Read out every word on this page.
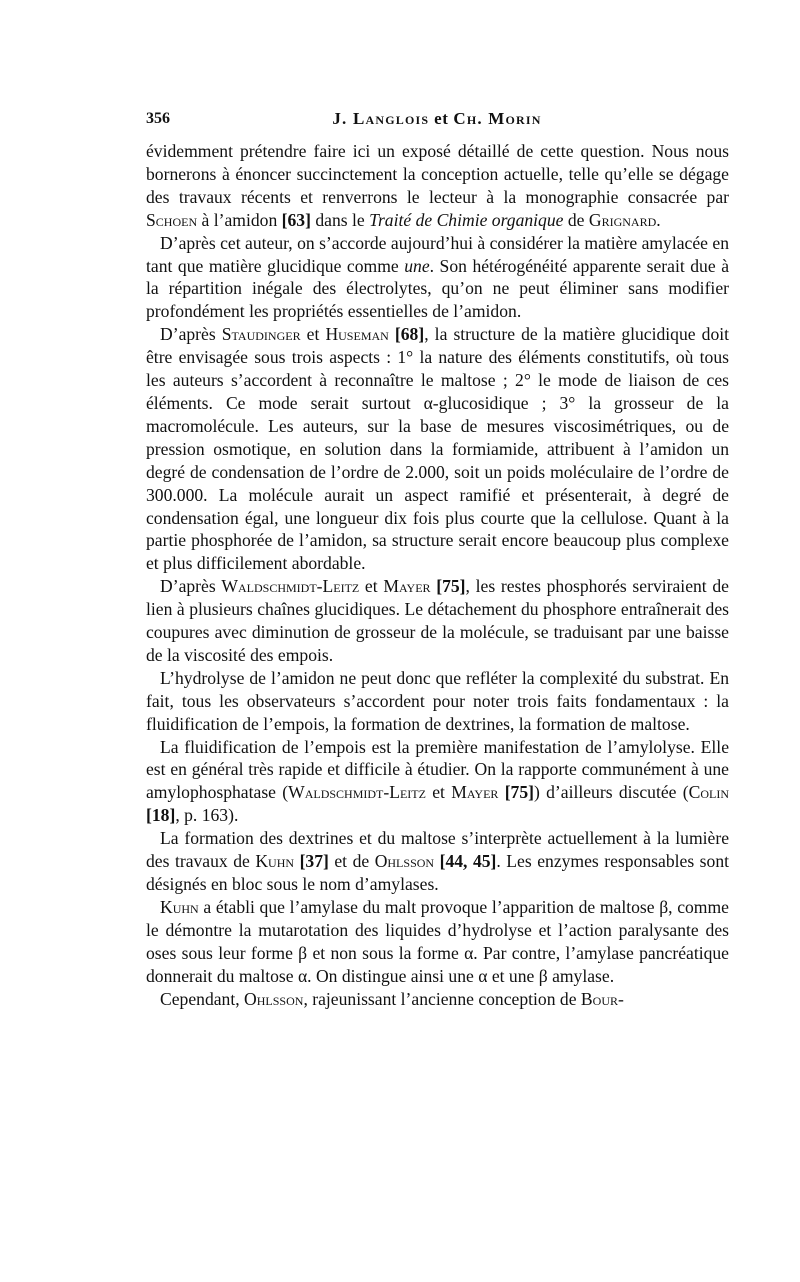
356	J. Langlois et Ch. Morin

évidemment prétendre faire ici un exposé détaillé de cette question. Nous nous bornerons à énoncer succinctement la conception actuelle, telle qu’elle se dégage des travaux récents et renverrons le lecteur à la monographie consacrée par Schoen à l’amidon [63] dans le Traité de Chimie organique de Grignard.

D’après cet auteur, on s’accorde aujourd’hui à considérer la matière amylacée en tant que matière glucidique comme une. Son hétérogénéité apparente serait due à la répartition inégale des électrolytes, qu’on ne peut éliminer sans modifier profondément les propriétés essentielles de l’amidon.

D’après Staudinger et Huseman [68], la structure de la matière glucidique doit être envisagée sous trois aspects : 1° la nature des éléments constitutifs, où tous les auteurs s’accordent à reconnaître le maltose ; 2° le mode de liaison de ces éléments. Ce mode serait surtout α-glucosidique ; 3° la grosseur de la macromolécule. Les auteurs, sur la base de mesures viscosimétriques, ou de pression osmotique, en solution dans la formiamide, attribuent à l’amidon un degré de condensation de l’ordre de 2.000, soit un poids moléculaire de l’ordre de 300.000. La molécule aurait un aspect ramifié et présenterait, à degré de condensation égal, une longueur dix fois plus courte que la cellulose. Quant à la partie phosphorée de l’amidon, sa structure serait encore beaucoup plus complexe et plus difficilement abordable.

D’après Waldschmidt-Leitz et Mayer [75], les restes phosphorés serviraient de lien à plusieurs chaînes glucidiques. Le détachement du phosphore entraînerait des coupures avec diminution de grosseur de la molécule, se traduisant par une baisse de la viscosité des empois.

L’hydrolyse de l’amidon ne peut donc que refléter la complexité du substrat. En fait, tous les observateurs s’accordent pour noter trois faits fondamentaux : la fluidification de l’empois, la formation de dextrines, la formation de maltose.

La fluidification de l’empois est la première manifestation de l’amylolyse. Elle est en général très rapide et difficile à étudier. On la rapporte communément à une amylophosphatase (Waldschmidt-Leitz et Mayer [75]) d’ailleurs discutée (Colin [18], p. 163).

La formation des dextrines et du maltose s’interprète actuellement à la lumière des travaux de Kuhn [37] et de Ohlsson [44, 45]. Les enzymes responsables sont désignés en bloc sous le nom d’amylases.

Kuhn a établi que l’amylase du malt provoque l’apparition de maltose β, comme le démontre la mutarotation des liquides d’hydrolyse et l’action paralysante des oses sous leur forme β et non sous la forme α. Par contre, l’amylase pancréatique donnerait du maltose α. On distingue ainsi une α et une β amylase.

Cependant, Ohlsson, rajeunissant l’ancienne conception de Bour-
